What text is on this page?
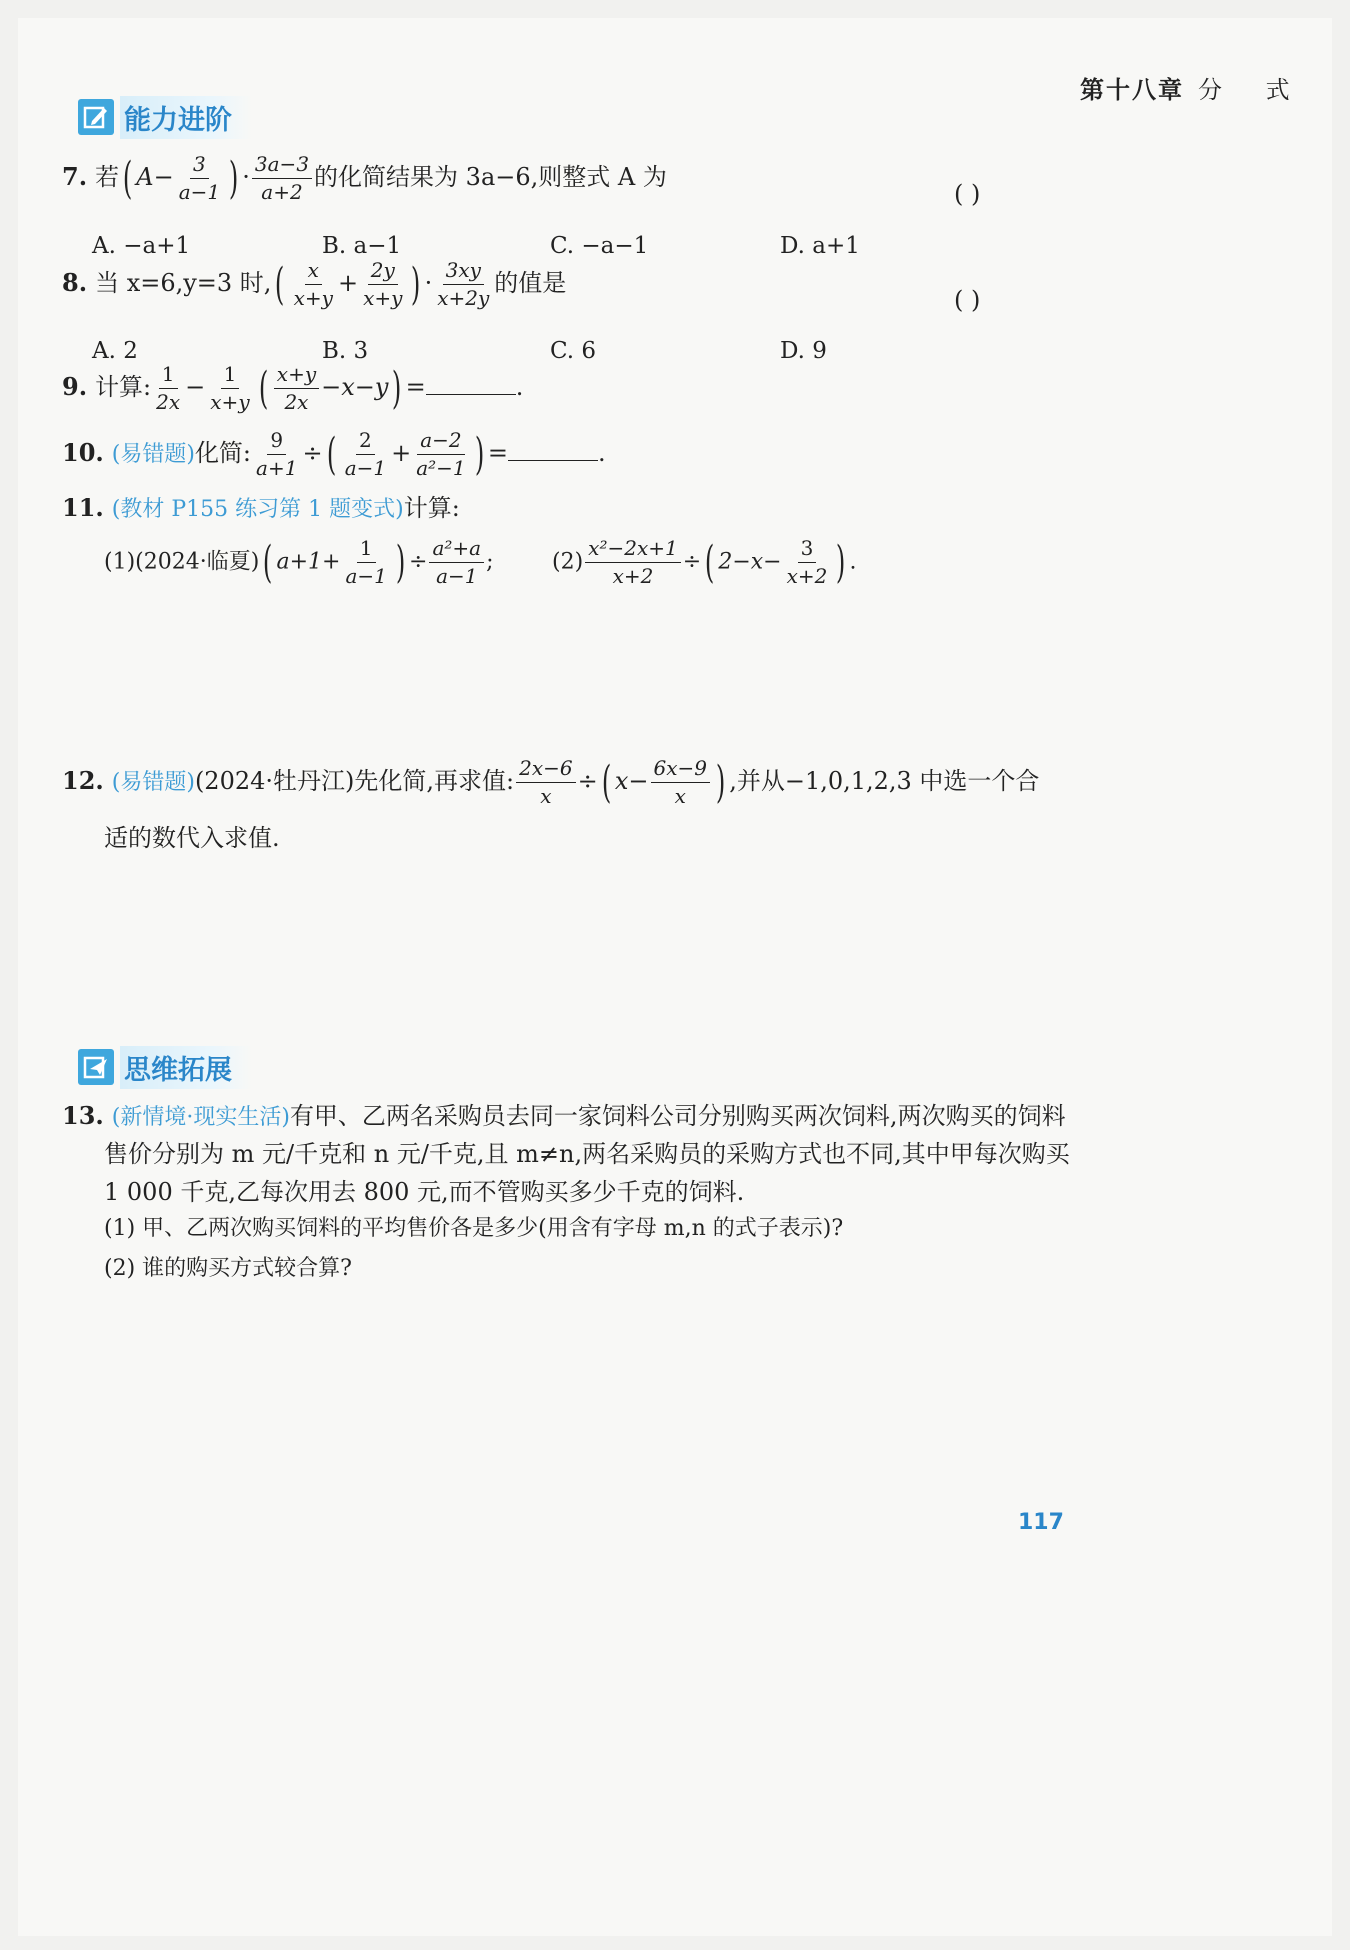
第十八章 分 式
能力进阶
7. 若( $A- \frac{3}{a-1}$ ) · $\frac{3a-3}{a+2}$ 的化简结果为 3a−6,则整式 A 为
( )
A. −a+1	B. a−1	C. −a−1	D. a+1
8. 当 x=6,y=3 时,( $\frac{x}{x+y} + \frac{2y}{x+y}$ ) · $\frac{3xy}{x+2y}$ 的值是
( )
A. 2	B. 3	C. 6	D. 9
9. 计算: $\frac{1}{2x} - \frac{1}{x+y}$ ( $\frac{x+y}{2x} -x-y$) =	.
10. (易错题)化简: $\frac{9}{a+1}$ ÷( $\frac{2}{a-1} + \frac{a-2}{\text{a²−1}}$ ) =	.
11. (教材 P155 练习第 1 题变式)计算:
(1)(2024·临夏)( $a+1+ \frac{1}{a-1}$ ) ÷ $\frac{\text{a²+a}}{a-1}$ ;	$(2) \frac{\text{x²−2x+1}}{x+2}$ ÷( $2-x- \frac{3}{x+2}$ ) .
12. (易错题)(2024·牡丹江)先化简,再求值: $\frac{2x-6}{x}$ ÷( $x- \frac{6x-9}{x}$ ) ,并从−1,0,1,2,3 中选一个合
适的数代入求值.
思维拓展
13. (新情境·现实生活)有甲、乙两名采购员去同一家饲料公司分别购买两次饲料,两次购买的饲料
售价分别为 m 元/千克和 n 元/千克,且 m≠n,两名采购员的采购方式也不同,其中甲每次购买
1 000 千克,乙每次用去 800 元,而不管购买多少千克的饲料.
(1) 甲、乙两次购买饲料的平均售价各是多少(用含有字母 m,n 的式子表示)?
(2) 谁的购买方式较合算?
117
